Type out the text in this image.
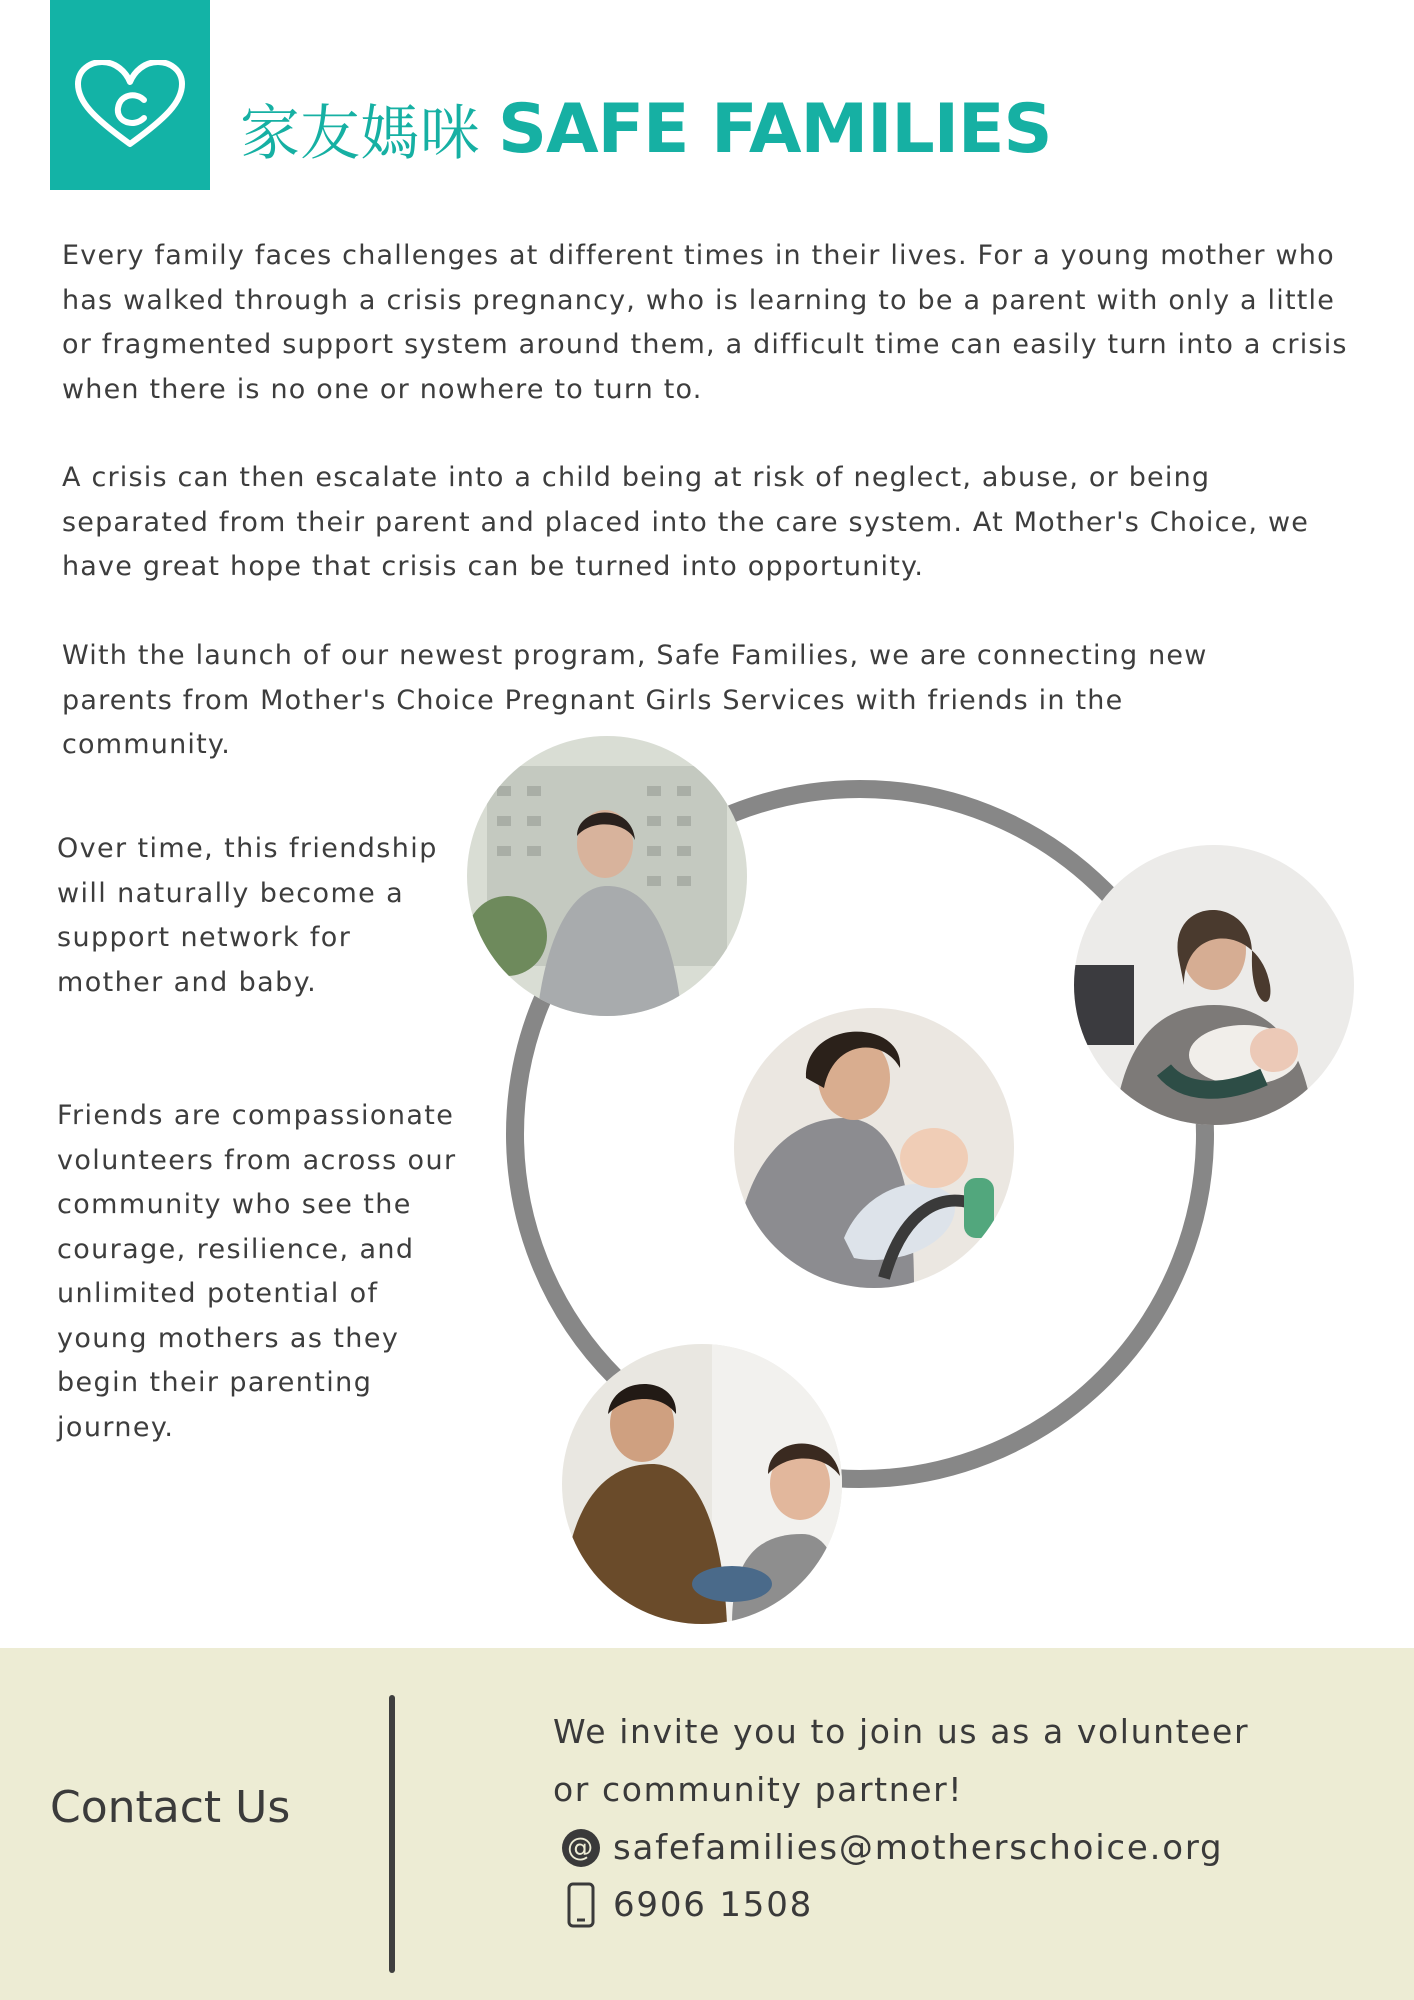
家友媽咪 SAFE FAMILIES

Every family faces challenges at different times in their lives. For a young mother who has walked through a crisis pregnancy, who is learning to be a parent with only a little or fragmented support system around them, a difficult time can easily turn into a crisis when there is no one or nowhere to turn to.

A crisis can then escalate into a child being at risk of neglect, abuse, or being separated from their parent and placed into the care system. At Mother's Choice, we have great hope that crisis can be turned into opportunity.

With the launch of our newest program, Safe Families, we are connecting new parents from Mother's Choice Pregnant Girls Services with friends in the community.

Over time, this friendship will naturally become a support network for mother and baby.

Friends are compassionate volunteers from across our community who see the courage, resilience, and unlimited potential of young mothers as they begin their parenting journey.

Contact Us

We invite you to join us as a volunteer

or community partner!

@ safefamilies@motherschoice.org
6906 1508
